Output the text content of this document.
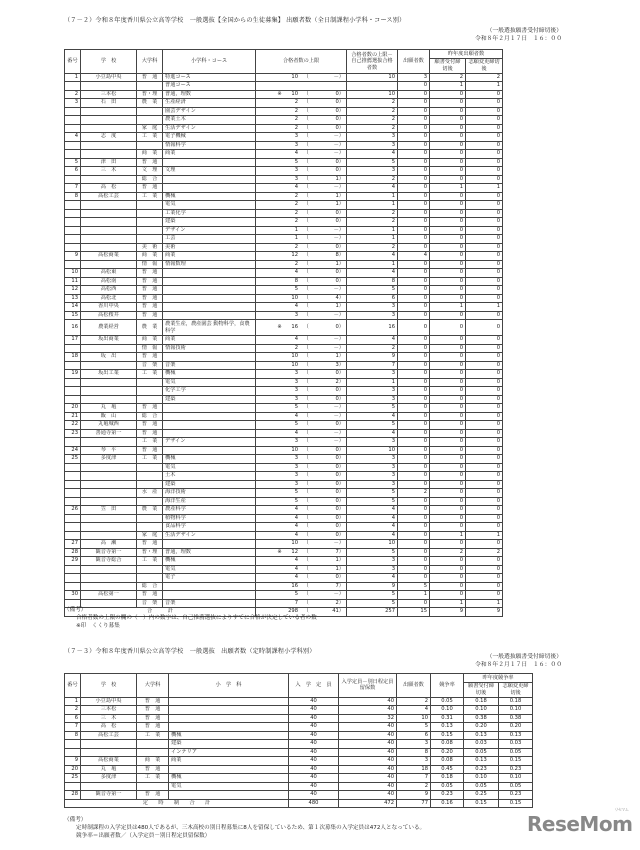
（７－２）令和８年度香川県公立高等学校　一般選抜【全国からの生徒募集】 出願者数（全日制課程小学科・コース別）
（一般選抜願書受付締切後）
令和８年２月１７日　１６：００
番号	学　校	大学科	小学科・コース	合格者数の上限	合格者数の上限－自己推薦選抜合格者数	出願者数	昨年度出願者数	
							願書受付締切後	志願変更締切後
1	小豆島中央	普　通	特進コース	10 （ －）	10	3	2	2
			普通コース			0	1	1
2	三本松	普・理	普通，理数	※ 10 （ 0）	10	0	0	0
3	石　田	農　業	生産経済	2 （ 0）	2	0	0	0
			園芸デザイン	2 （ 0）	2	0	0	0
			農業土木	2 （ 0）	2	0	0	0
		家　庭	生活デザイン	2 （ 0）	2	0	0	0
4	志　度	工　業	電子機械	3 （ －）	3	0	0	0
			情報科学	3 （ －）	3	0	0	0
		商　業	商業	4 （ －）	4	0	0	0
5	津　田	普　通		5 （ 0）	5	0	0	0
6	三　木	文　理	文理	3 （ 0）	3	0	0	0
		総　合		3 （ 1）	2	0	0	0
7	高　松	普　通		4 （ －）	4	0	1	1
8	高松工芸	工　業	機械	2 （ 1）	1	0	0	0
			電気	2 （ 1）	1	0	0	0
			工業化学	2 （ 0）	2	0	0	0
			建築	2 （ 0）	2	0	0	0
			デザイン	1 （ －）	1	0	0	0
			工芸	1 （ －）	1	0	0	0
		美　術	美術	2 （ 0）	2	0	0	0
9	高松商業	商　業	商業	12 （ 8）	4	4	0	0
		情　報	情報数理	2 （ 1）	1	0	0	0
10	高松東	普　通		4 （ 0）	4	0	0	0
11	高松南	普　通		8 （ 0）	8	0	0	0
12	高松西	普　通		5 （ －）	5	0	0	0
13	高松北	普　通		10 （ 4）	6	0	0	0
14	香川中央	普　通		4 （ 1）	3	0	1	1
15	高松桜井	普　通		3 （ －）	3	0	0	0
16	農業経営	農　業	農業生産，農産園芸 動物科学，食農科学	※ 16 （ 0）	16	0	0	0
17	坂出商業	商　業	商業	4 （ －）	4	0	0	0
		情　報	情報技術	2 （ －）	2	0	0	0
18	坂　出	普　通		10 （ 1）	9	0	0	0
		音　楽	音楽	10 （ 3）	7	0	0	0
19	坂出工業	工　業	機械	3 （ 0）	3	0	0	0
			電気	3 （ 2）	1	0	0	0
			化学工学	3 （ 0）	3	0	0	0
			建築	3 （ 0）	3	0	0	0
20	丸　亀	普　通		5 （ －）	5	0	0	0
21	飯　山	総　合		4 （ －）	4	0	0	0
22	丸亀城西	普　通		5 （ 0）	5	0	0	0
23	善通寺第一	普　通		4 （ －）	4	0	0	0
		工　業	デザイン	3 （ －）	3	0	0	0
24	琴　平	普　通		10 （ 0）	10	0	0	0
25	多度津	工　業	機械	3 （ 0）	3	0	0	0
			電気	3 （ 0）	3	0	0	0
			土木	3 （ 0）	3	0	0	0
			建築	3 （ 0）	3	0	0	0
		水　産	海洋技術	5 （ 0）	5	2	0	0
			海洋生産	5 （ 0）	5	0	0	0
26	笠　田	農　業	農産科学	4 （ 0）	4	0	0	0
			植物科学	4 （ 0）	4	0	0	0
			食品科学	4 （ 0）	4	0	0	0
		家　庭	生活デザイン	4 （ 0）	4	0	1	1
27	高　瀬	普　通		10 （ －）	10	0	0	0
28	観音寺第一	普・理	普通，理数	※ 12 （ 7）	5	0	2	2
29	観音寺総合	工　業	機械	4 （ 1）	3	0	0	0
			電気	4 （ 1）	3	0	0	0
			電子	4 （ 0）	4	0	0	0
		総　合		16 （ 7）	9	5	0	0
30	高松第一	普　通		5 （ －）	5	1	0	0
		音　楽	音楽	7 （ 2）	5	0	1	1
合　　　計				298 （ 41）	257	15	9	9
（備考）
合格者数の上限の欄の（　）内の数字は、自己推薦選抜によりすでに合格が決定している者の数
※印　くくり募集
（７－３）令和８年度香川県公立高等学校　一般選抜　出願者数（定時制課程小学科別）
（一般選抜願書受付締切後）
令和８年２月１７日　１６：００
番号	学　校	大学科	小　学　科	入　学　定　員	入学定員－別日程定員留保数	出願者数	競争率	昨年度競争率	
								願書受付締切後	志願変更締切後
1	小豆島中央	普　通		40	40	2	0.05	0.18	0.18
2	三本松	普　通		40	40	4	0.10	0.10	0.10
6	三　木	普　通		40	32	10	0.31	0.38	0.38
7	高　松	普　通		40	40	5	0.13	0.20	0.20
8	高松工芸	工　業	機械	40	40	6	0.15	0.13	0.13
			建築	40	40	3	0.08	0.03	0.03
			インテリア	40	40	8	0.20	0.05	0.05
9	高松商業	商　業	商業	40	40	3	0.08	0.13	0.15
20	丸　亀	普　通		40	40	18	0.45	0.23	0.23
25	多度津	工　業	機械	40	40	7	0.18	0.10	0.10
			電気	40	40	2	0.05	0.05	0.05
28	観音寺第一	普　通		40	40	9	0.23	0.25	0.23
定　　時　　制　　合　　計				480	472	77	0.16	0.15	0.15
（備考）
定時制課程の入学定員は480人であるが、三木高校の別日程募集に8人を留保しているため、第１次募集の入学定員は472人となっている。
競争率＝出願者数／（入学定員－別日程定員留保数）	ReseMom
リセマム
